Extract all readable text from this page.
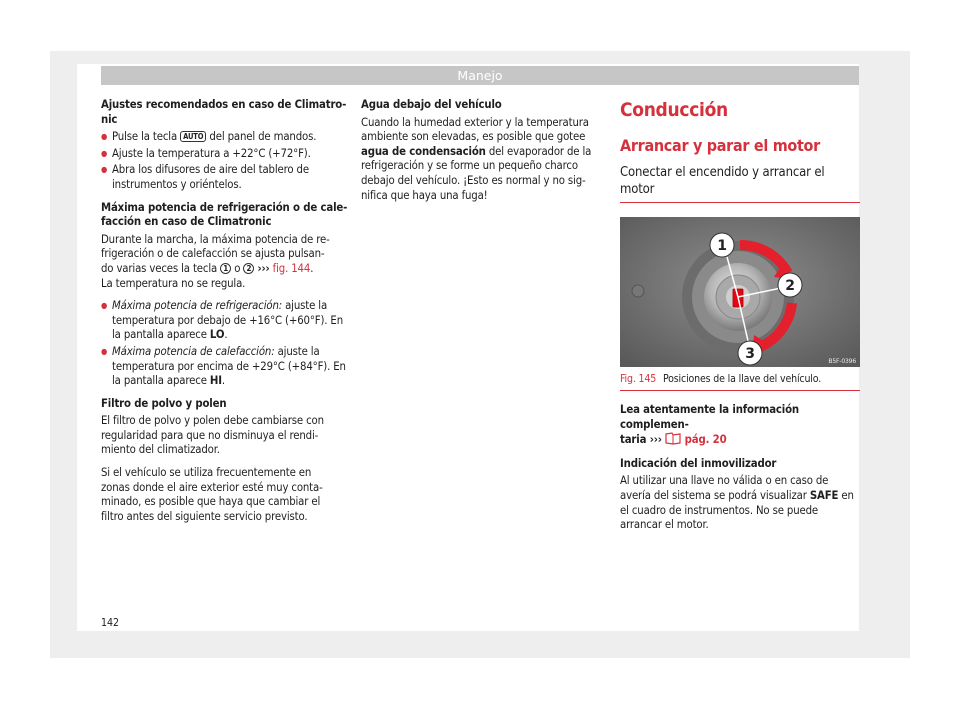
Manejo
Ajustes recomendados en caso de Climatro-
nic
● Pulse la tecla AUTO del panel de mandos.
● Ajuste la temperatura a +22°C (+72°F).
● Abra los difusores de aire del tablero de
instrumentos y oriéntelos.
Máxima potencia de refrigeración o de cale-
facción en caso de Climatronic

Durante la marcha, la máxima potencia de re-
frigeración o de calefacción se ajusta pulsan-
do varias veces la tecla 1 o 2 ››› fig. 144.
La temperatura no se regula.

● Máxima potencia de refrigeración: ajuste la
temperatura por debajo de +16°C (+60°F). En
la pantalla aparece LO.
● Máxima potencia de calefacción: ajuste la
temperatura por encima de +29°C (+84°F). En
la pantalla aparece HI.
Filtro de polvo y polen

El filtro de polvo y polen debe cambiarse con
regularidad para que no disminuya el rendi-
miento del climatizador.

Si el vehículo se utiliza frecuentemente en
zonas donde el aire exterior esté muy conta-
minado, es posible que haya que cambiar el
filtro antes del siguiente servicio previsto.

Agua debajo del vehículo

Cuando la humedad exterior y la temperatura
ambiente son elevadas, es posible que gotee
agua de condensación del evaporador de la
refrigeración y se forme un pequeño charco
debajo del vehículo. ¡Esto es normal y no sig-
nifica que haya una fuga!

Conducción
Arrancar y parar el motor
Conectar el encendido y arrancar el
motor
1
2
3	B5F-0396
Fig. 145 Posiciones de la llave del vehículo.
Lea atentamente la información complemen-
taria ››› pág. 20
Indicación del inmovilizador

Al utilizar una llave no válida o en caso de
avería del sistema se podrá visualizar SAFE en
el cuadro de instrumentos. No se puede
arrancar el motor.

142
